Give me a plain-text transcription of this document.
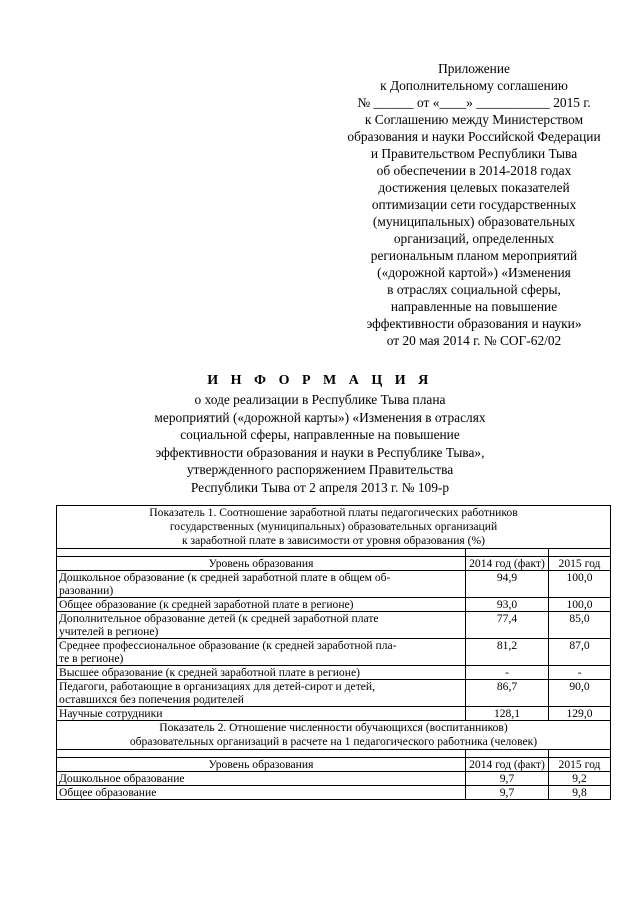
Приложение
к Дополнительному соглашению
№ ______ от «____» ___________ 2015 г.
к Соглашению между Министерством
образования и науки Российской Федерации
и Правительством Республики Тыва
об обеспечении в 2014-2018 годах
достижения целевых показателей
оптимизации сети государственных
(муниципальных) образовательных
организаций, определенных
региональным планом мероприятий
(«дорожной картой») «Изменения
в отраслях социальной сферы,
направленные на повышение
эффективности образования и науки»
от 20 мая 2014 г. № СОГ-62/02
И Н Ф О Р М А Ц И Я
о ходе реализации в Республике Тыва плана
мероприятий («дорожной карты») «Изменения в отраслях
социальной сферы, направленные на повышение
эффективности образования и науки в Республике Тыва»,
утвержденного распоряжением Правительства
Республики Тыва от 2 апреля 2013 г. № 109-р
Показатель 1. Соотношение заработной платы педагогических работников
государственных (муниципальных) образовательных организаций
к заработной плате в зависимости от уровня образования (%)		

Уровень образования	2014 год (факт)	2015 год
Дошкольное образование (к средней заработной плате в общем об-
разовании)	94,9	100,0
Общее образование (к средней заработной плате в регионе)	93,0	100,0
Дополнительное образование детей (к средней заработной плате
учителей в регионе)	77,4	85,0
Среднее профессиональное образование (к средней заработной пла-
те в регионе)	81,2	87,0
Высшее образование (к средней заработной плате в регионе)	-	-
Педагоги, работающие в организациях для детей-сирот и детей,
оставшихся без попечения родителей	86,7	90,0
Научные сотрудники	128,1	129,0

Показатель 2. Отношение численности обучающихся (воспитанников)
образовательных организаций в расчете на 1 педагогического работника (человек)		

Уровень образования	2014 год (факт)	2015 год
Дошкольное образование	9,7	9,2
Общее образование	9,7	9,8
